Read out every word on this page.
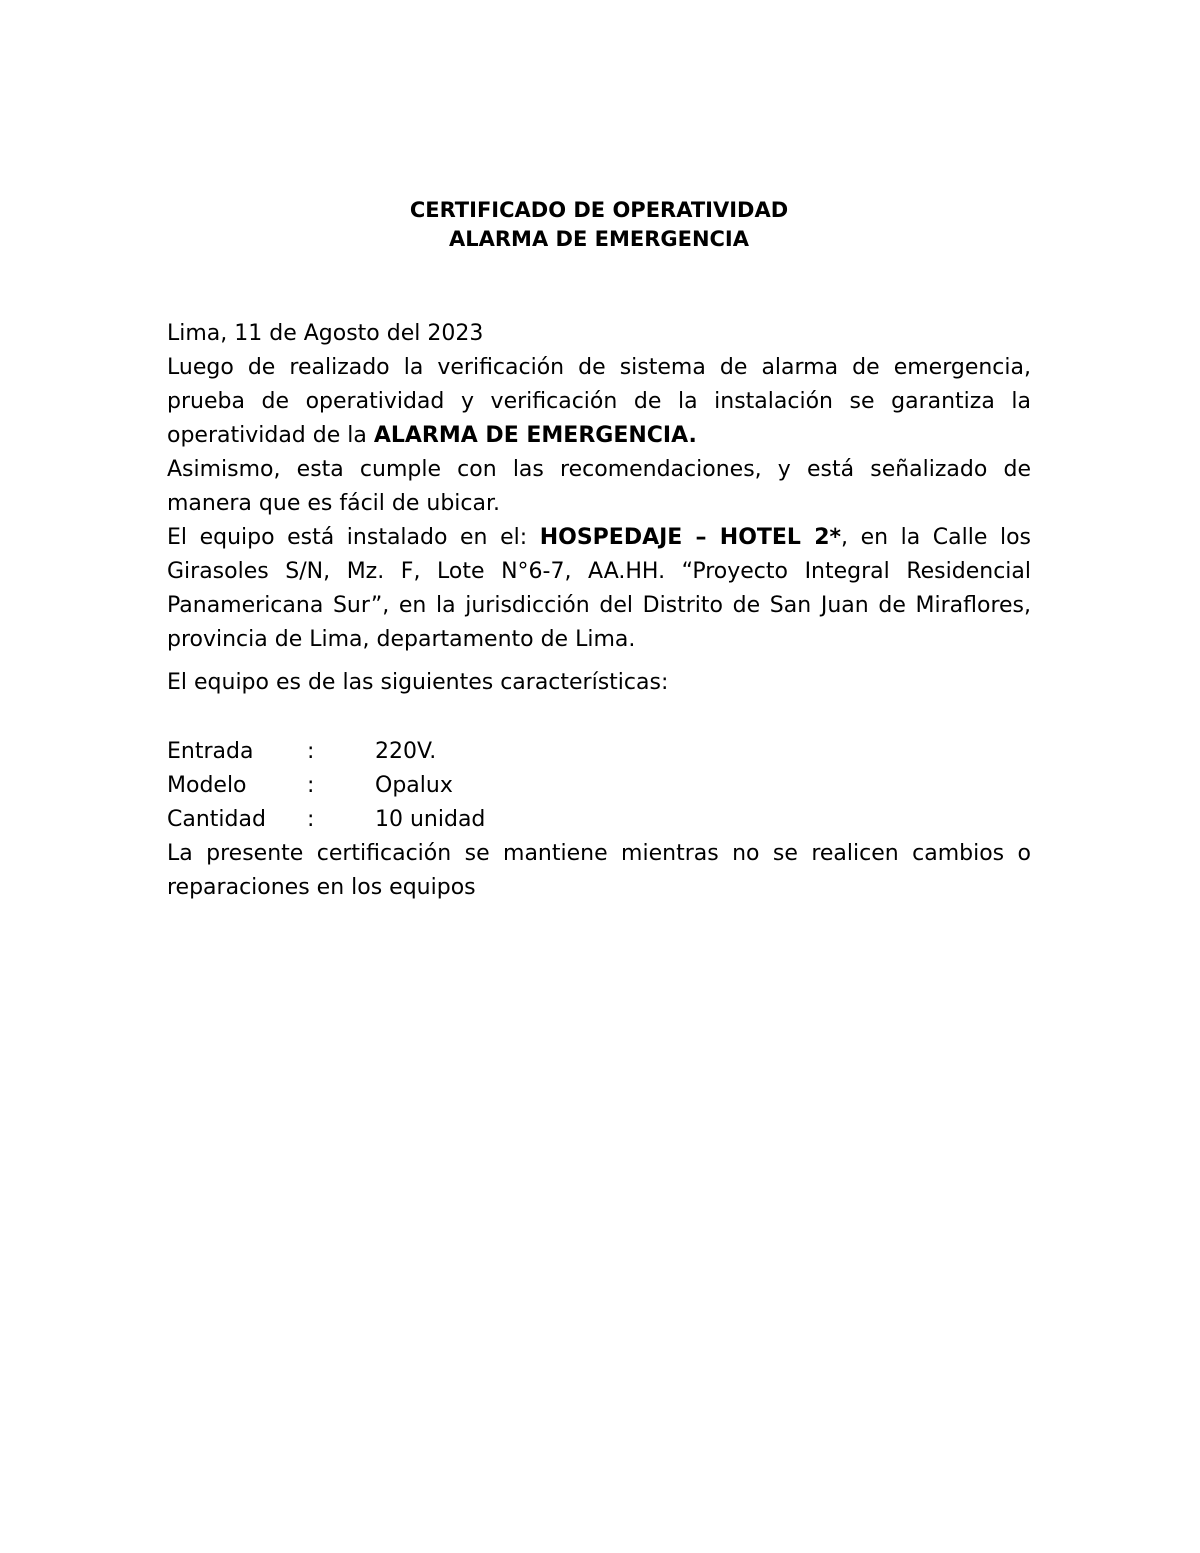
CERTIFICADO DE OPERATIVIDAD
ALARMA DE EMERGENCIA

Lima, 11 de Agosto del 2023

Luego de realizado la verificación de sistema de alarma de emergencia, prueba de operatividad y verificación de la instalación se garantiza la operatividad de la ALARMA DE EMERGENCIA.

Asimismo, esta cumple con las recomendaciones, y está señalizado de manera que es fácil de ubicar.

El equipo está instalado en el: HOSPEDAJE – HOTEL 2*, en la Calle los Girasoles S/N, Mz. F, Lote N°6-7, AA.HH. “Proyecto Integral Residencial Panamericana Sur”, en la jurisdicción del Distrito de San Juan de Miraflores, provincia de Lima, departamento de Lima.

El equipo es de las siguientes características:

Entrada	:	220V.
Modelo	:	Opalux
Cantidad	:	10 unidad

La presente certificación se mantiene mientras no se realicen cambios o reparaciones en los equipos
